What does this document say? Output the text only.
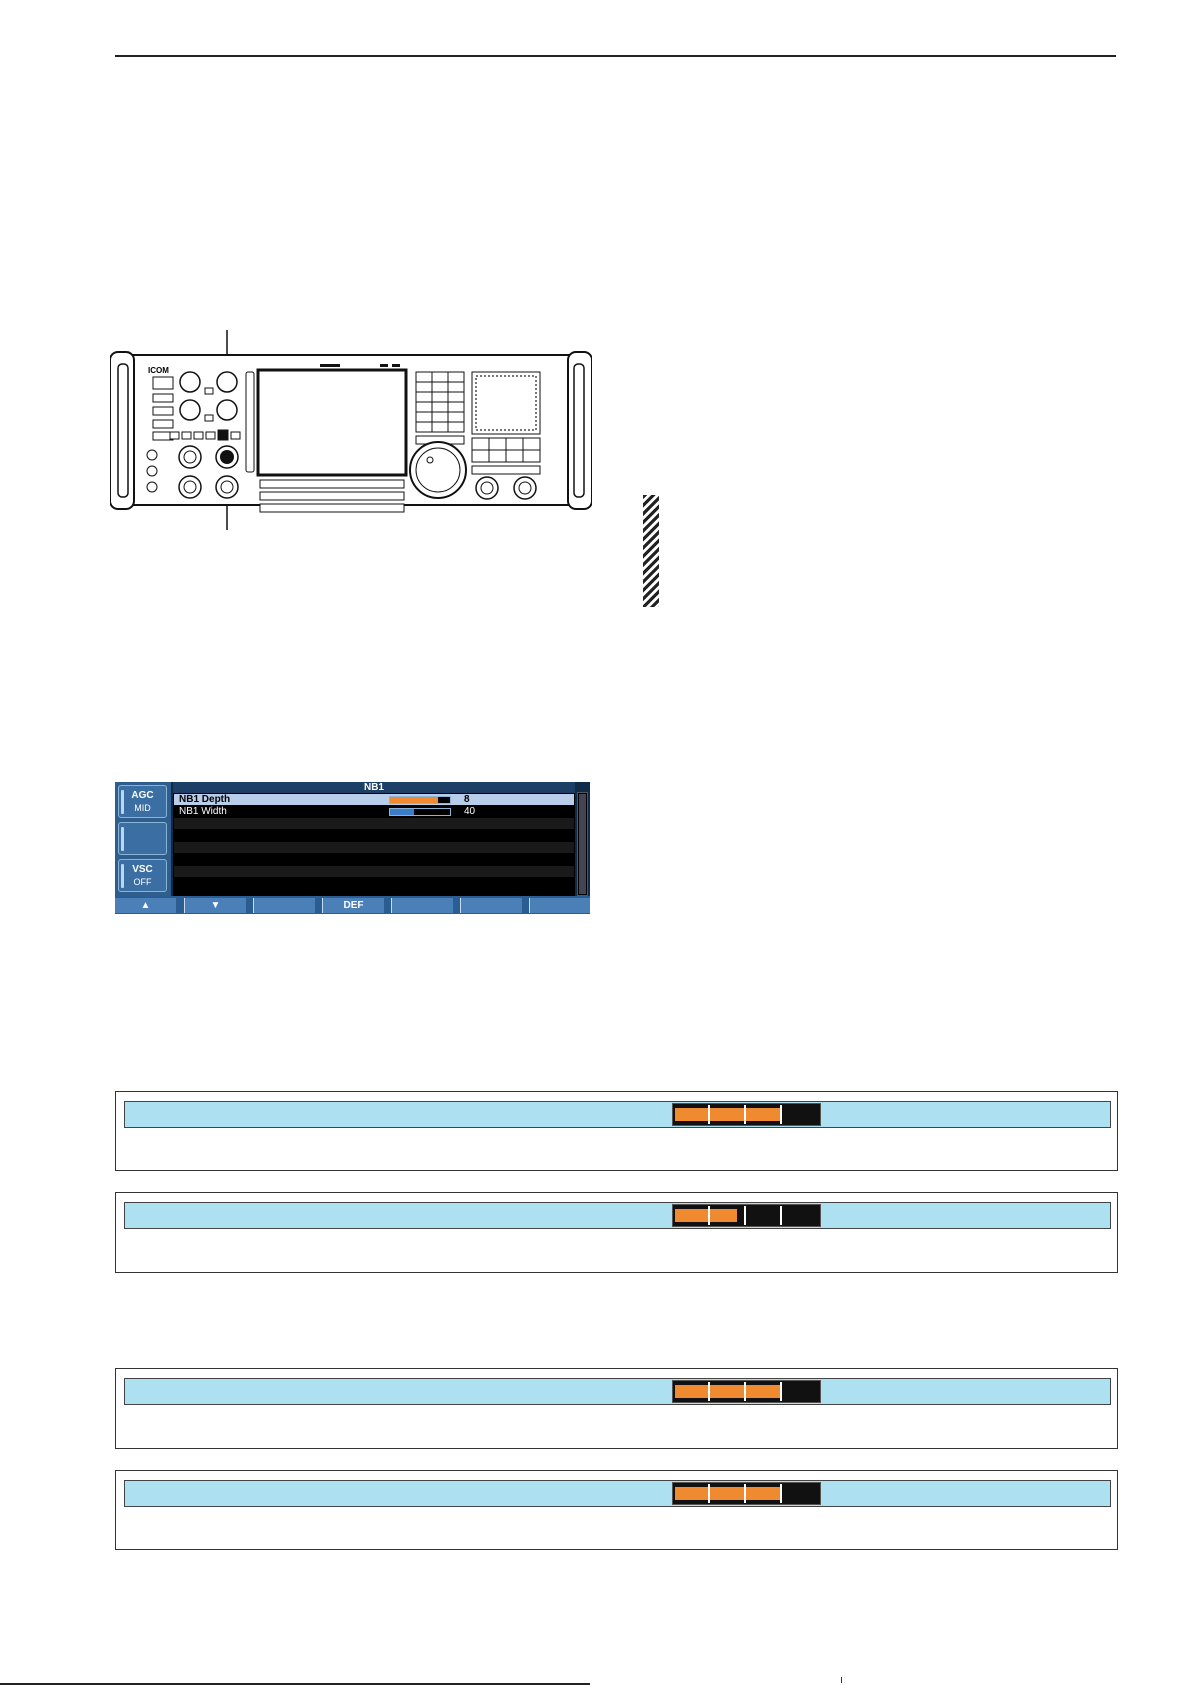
ICOM
AGC
MID
VSC
OFF
NB1
NB1 Depth	8
NB1 Width	40
▲	▼	DEF
